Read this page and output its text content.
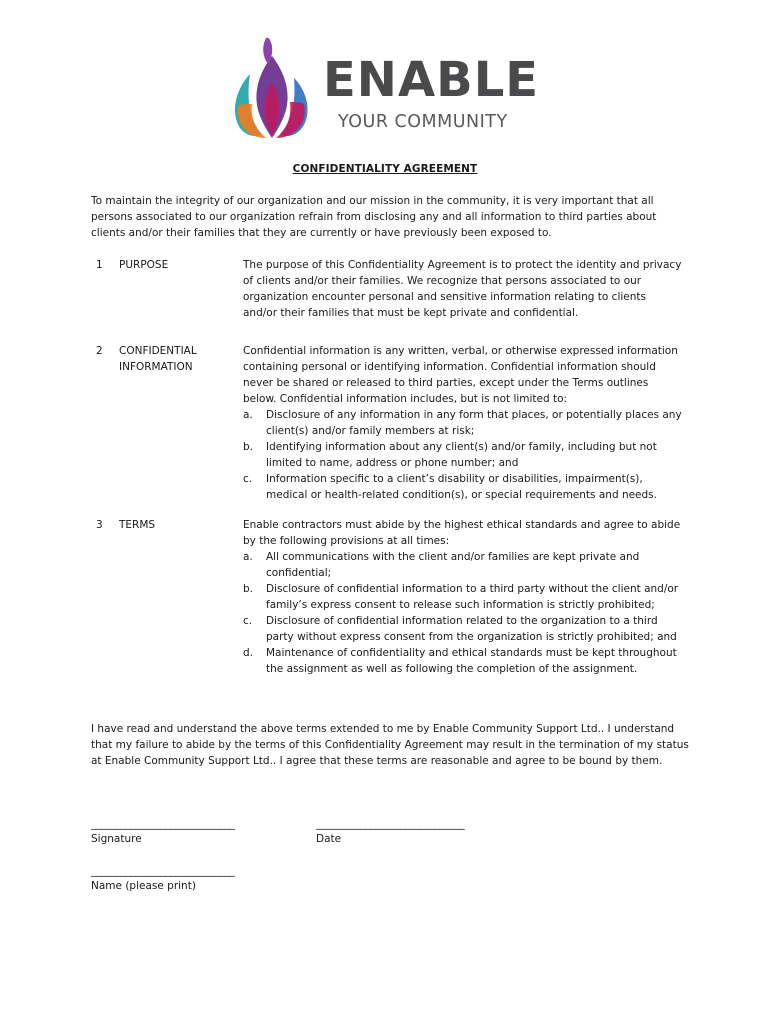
ENABLE
YOUR COMMUNITY
CONFIDENTIALITY AGREEMENT
To maintain the integrity of our organization and our mission in the community, it is very important that all persons associated to our organization refrain from disclosing any and all information to third parties about clients and/or their families that they are currently or have previously been exposed to.
1 PURPOSE	The purpose of this Confidentiality Agreement is to protect the identity and privacy of clients and/or their families. We recognize that persons associated to our organization encounter personal and sensitive information relating to clients and/or their families that must be kept private and confidential.
2 CONFIDENTIAL INFORMATION
Confidential information is any written, verbal, or otherwise expressed information containing personal or identifying information. Confidential information should never be shared or released to third parties, except under the Terms outlines below. Confidential information includes, but is not limited to:
a. Disclosure of any information in any form that places, or potentially places any client(s) and/or family members at risk;
b. Identifying information about any client(s) and/or family, including but not limited to name, address or phone number; and
c. Information specific to a client’s disability or disabilities, impairment(s), medical or health-related condition(s), or special requirements and needs.
3 TERMS	Enable contractors must abide by the highest ethical standards and agree to abide by the following provisions at all times:
a. All communications with the client and/or families are kept private and confidential;
b. Disclosure of confidential information to a third party without the client and/or family’s express consent to release such information is strictly prohibited;
c. Disclosure of confidential information related to the organization to a third party without express consent from the organization is strictly prohibited; and
d. Maintenance of confidentiality and ethical standards must be kept throughout the assignment as well as following the completion of the assignment.
I have read and understand the above terms extended to me by Enable Community Support Ltd.. I understand that my failure to abide by the terms of this Confidentiality Agreement may result in the termination of my status at Enable Community Support Ltd.. I agree that these terms are reasonable and agree to be bound by them.
_____________________________
Signature
______________________________
Date
_____________________________
Name (please print)
